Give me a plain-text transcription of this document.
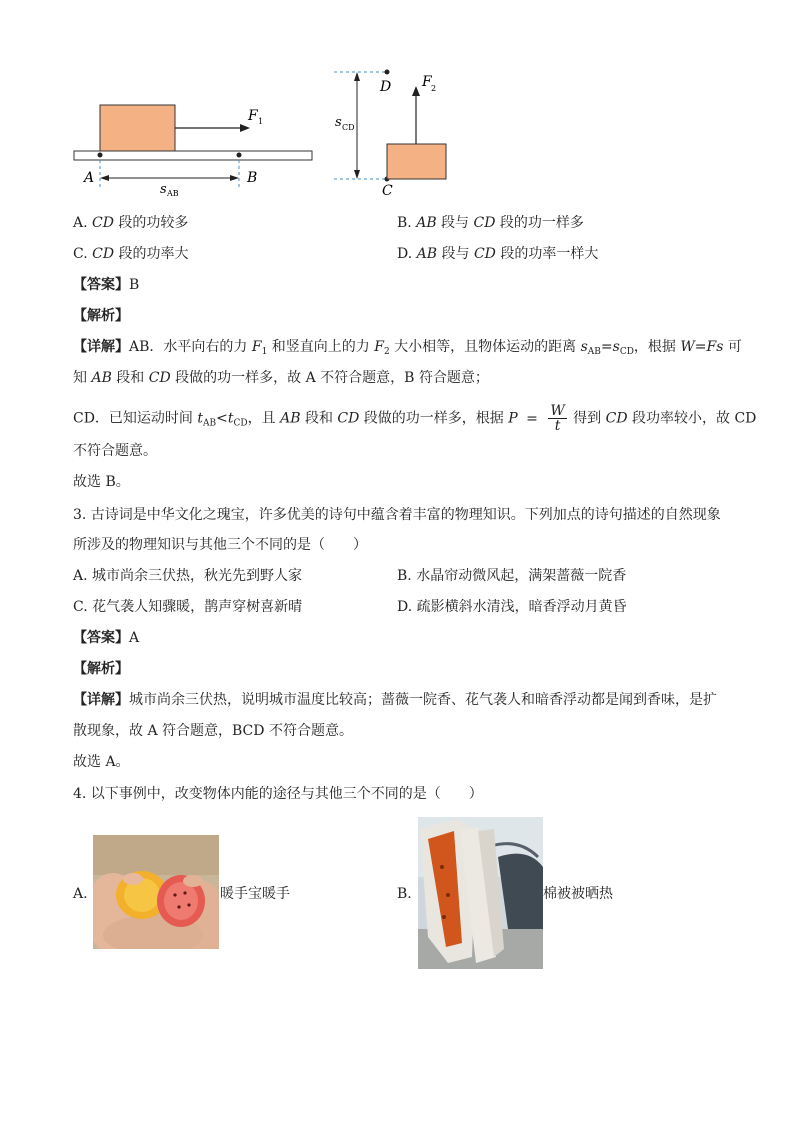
F 1
A	B
s AB
F 2
D
C
s CD
A. CD 段的功较多	B. AB 段与 CD 段的功一样多
C. CD 段的功率大	D. AB 段与 CD 段的功率一样大
【答案】B
【解析】
【详解】AB．水平向右的力 $F_1$ 和竖直向上的力 $F_2$ 大小相等，且物体运动的距离 $s_{AB}=s_{CD}$，根据 W=Fs 可
知 AB 段和 CD 段做的功一样多，故 A 不符合题意，B 符合题意；
CD．已知运动时间 $t_{AB}<t_{CD}$，且 AB 段和 CD 段做的功一样多，根据 $P = \frac{W}{t}$ 得到 CD 段功率较小，故 CD
不符合题意。
故选 B。
3. 古诗词是中华文化之瑰宝，许多优美的诗句中蕴含着丰富的物理知识。下列加点的诗句描述的自然现象
所涉及的物理知识与其他三个不同的是（　　）
A. 城市尚余三伏热，秋光先到野人家	B. 水晶帘动微风起，满架蔷薇一院香
C. 花气袭人知骤暖，鹊声穿树喜新晴	D. 疏影横斜水清浅，暗香浮动月黄昏
【答案】A
【解析】
【详解】城市尚余三伏热，说明城市温度比较高；蔷薇一院香、花气袭人和暗香浮动都是闻到香味，是扩
散现象，故 A 符合题意，BCD 不符合题意。
故选 A。
4. 以下事例中，改变物体内能的途径与其他三个不同的是（　　）
A.	暖手宝暖手	B.	棉被被晒热
